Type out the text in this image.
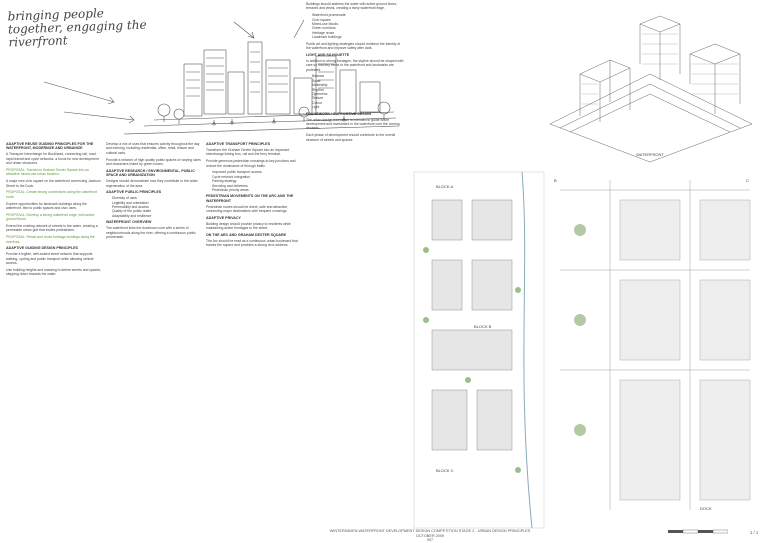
bringing people together, engaging the riverfront
ADAPTIVE REUSE GUIDING PRINCIPLES FOR THE WATERFRONT, MODERNIZE AND URBANIZE

A Transport Interchange for Buckhead, connecting rail, road, rapid transit and cycle networks, a focus for new development and urban structures.

PROPOSAL: Transform Graham Dexter Square into an attractive mixed-use urban location.

A major new civic square on the waterfront connecting Jackson Street to the Dock.

PROPOSAL: Create strong connections along the waterfront route.

Explore opportunities for landmark buildings along the waterfront, tied to public spaces and civic uses.

PROPOSAL: Develop a strong waterfront edge, with active ground floors.

Extend the existing network of streets to the water, creating a permeable urban grid that invites pedestrians.

PROPOSAL: Retain and reuse heritage buildings along the riverfront.

ADAPTIVE GUIDING DESIGN PRINCIPLES

Provide a legible, well-scaled street network that supports walking, cycling and public transport while allowing vehicle access.

Use building heights and massing to define streets and spaces, stepping down towards the water.

Develop a mix of uses that ensures activity throughout the day and evening, including residential, office, retail, leisure and cultural uses.

Provide a network of high quality public spaces of varying sizes and characters linked by green routes.

ADAPTIVE RESEARCH / ENVIRONMENTAL, PUBLIC SPACE AND URBANIZATION

Designs should demonstrate how they contribute to the wider regeneration of the area.

ADAPTIVE PUBLIC PRINCIPLES
• Diversity of uses
• Legibility and orientation
• Permeability and access
• Quality of the public realm
• Adaptability and resilience
WATERFRONT OVERVIEW

The waterfront links the downtown core with a series of neighbourhoods along the river, offering a continuous public promenade.

ADAPTIVE TRANSPORT PRINCIPLES

Transform the Graham Dexter Square into an important interchange linking bus, rail and the ferry terminal.

Provide generous pedestrian crossings at key junctions and reduce the dominance of through traffic.

• Improved public transport access
• Cycle network integration
• Parking strategy
• Servicing and deliveries
• Pedestrian priority areas
PEDESTRIAN MOVEMENTS ON THE ARC AND THE WATERFRONT

Pedestrian routes should be direct, safe and attractive, connecting major destinations with frequent crossings.

ADAPTIVE PRIVACY

Building design should provide privacy to residents while maintaining active frontages to the street.

ON THE ARC AND GRAHAM DEXTER SQUARE

The Arc should be read as a continuous urban boulevard that frames the square and provides a strong civic address.

Buildings should address the water with active ground floors, terraces and views, creating a lively waterfront edge.

• Waterfront promenade
• Civic square
• Mixed-use blocks
• Green corridors
• Heritage reuse
• Landmark buildings

Public art and lighting strategies should reinforce the identity of the waterfront and improve safety after dark.

LIGHT AND SILHOUETTE

In addition to strong frontages, the skyline should be shaped with care so that key views to the waterfront and landmarks are protected.

• Balance
• Scale
• Materiality
• Rhythm
• Openness
• Texture
• Colour
• Light
FRAMEWORK / SUPPORTIVE DESIGN

The urban design framework is intended to guide future development and investment in the waterfront over the coming decades.

Each phase of development should contribute to the overall structure of streets and spaces.

WATERFRONT
BLOCK A
BLOCK B
BLOCK C
B	C
DOCK
WINTERHAVEN WATERFRONT DEVELOPMENT DESIGN COMPETITION STAGE 2 - URBAN DESIGN PRINCIPLES
OCTOBER 2009
007
1 / 1
